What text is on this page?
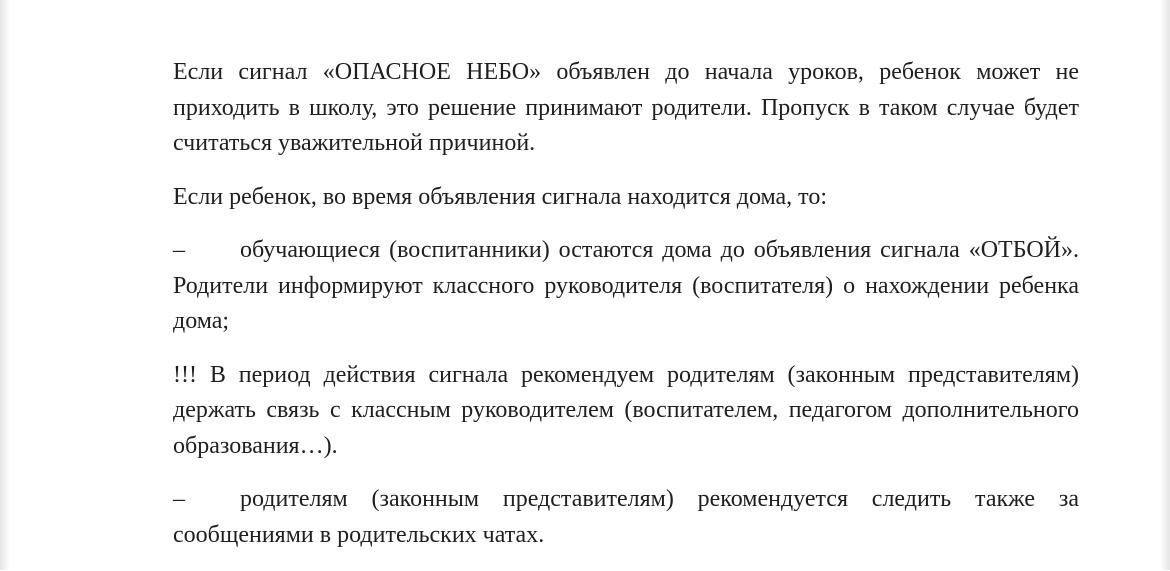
Если сигнал «ОПАСНОЕ НЕБО» объявлен до начала уроков, ребенок может не приходить в школу, это решение принимают родители. Пропуск в таком случае будет считаться уважительной причиной.

Если ребенок, во время объявления сигнала находится дома, то:

– обучающиеся (воспитанники) остаются дома до объявления сигнала «ОТБОЙ». Родители информируют классного руководителя (воспитателя) о нахождении ребенка дома;

!!! В период действия сигнала рекомендуем родителям (законным представителям) держать связь с классным руководителем (воспитателем, педагогом дополнительного образования…).

– родителям (законным представителям) рекомендуется следить также за сообщениями в родительских чатах.
